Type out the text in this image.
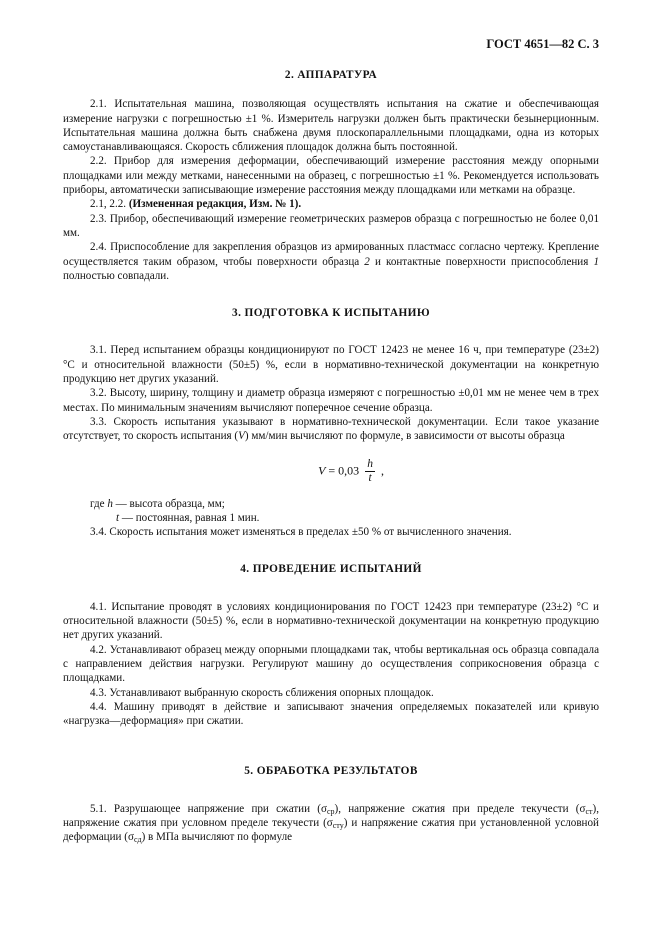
ГОСТ 4651—82 С. 3
2. АППАРАТУРА

2.1. Испытательная машина, позволяющая осуществлять испытания на сжатие и обеспечивающая измерение нагрузки с погрешностью ±1 %. Измеритель нагрузки должен быть практически безынерционным. Испытательная машина должна быть снабжена двумя плоскопараллельными площадками, одна из которых самоустанавливающаяся. Скорость сближения площадок должна быть постоянной.

2.2. Прибор для измерения деформации, обеспечивающий измерение расстояния между опорными площадками или между метками, нанесенными на образец, с погрешностью ±1 %. Рекомендуется использовать приборы, автоматически записывающие измерение расстояния между площадками или метками на образце.

2.1, 2.2. (Измененная редакция, Изм. № 1).

2.3. Прибор, обеспечивающий измерение геометрических размеров образца с погрешностью не более 0,01 мм.

2.4. Приспособление для закрепления образцов из армированных пластмасс согласно чертежу. Крепление осуществляется таким образом, чтобы поверхности образца 2 и контактные поверхности приспособления 1 полностью совпадали.

3. ПОДГОТОВКА К ИСПЫТАНИЮ

3.1. Перед испытанием образцы кондиционируют по ГОСТ 12423 не менее 16 ч, при температуре (23±2) °С и относительной влажности (50±5) %, если в нормативно-технической документации на конкретную продукцию нет других указаний.

3.2. Высоту, ширину, толщину и диаметр образца измеряют с погрешностью ±0,01 мм не менее чем в трех местах. По минимальным значениям вычисляют поперечное сечение образца.

3.3. Скорость испытания указывают в нормативно-технической документации. Если такое указание отсутствует, то скорость испытания (V) мм/мин вычисляют по формуле, в зависимости от высоты образца

$V = 0,03 \frac{h}{t}$ ,

где h — высота образца, мм;

t — постоянная, равная 1 мин.

3.4. Скорость испытания может изменяться в пределах ±50 % от вычисленного значения.

4. ПРОВЕДЕНИЕ ИСПЫТАНИЙ

4.1. Испытание проводят в условиях кондиционирования по ГОСТ 12423 при температуре (23±2) °С и относительной влажности (50±5) %, если в нормативно-технической документации на конкретную продукцию нет других указаний.

4.2. Устанавливают образец между опорными площадками так, чтобы вертикальная ось образца совпадала с направлением действия нагрузки. Регулируют машину до осуществления соприкосновения образца с площадками.

4.3. Устанавливают выбранную скорость сближения опорных площадок.

4.4. Машину приводят в действие и записывают значения определяемых показателей или кривую «нагрузка—деформация» при сжатии.

5. ОБРАБОТКА РЕЗУЛЬТАТОВ

5.1. Разрушающее напряжение при сжатии $(\sigma_{ср})$, напряжение сжатия при пределе текучести $(\sigma_{ст})$, напряжение сжатия при условном пределе текучести $(\sigma_{сту})$ и напряжение сжатия при установленной условной деформации $(\sigma_{сд})$ в МПа вычисляют по формуле
